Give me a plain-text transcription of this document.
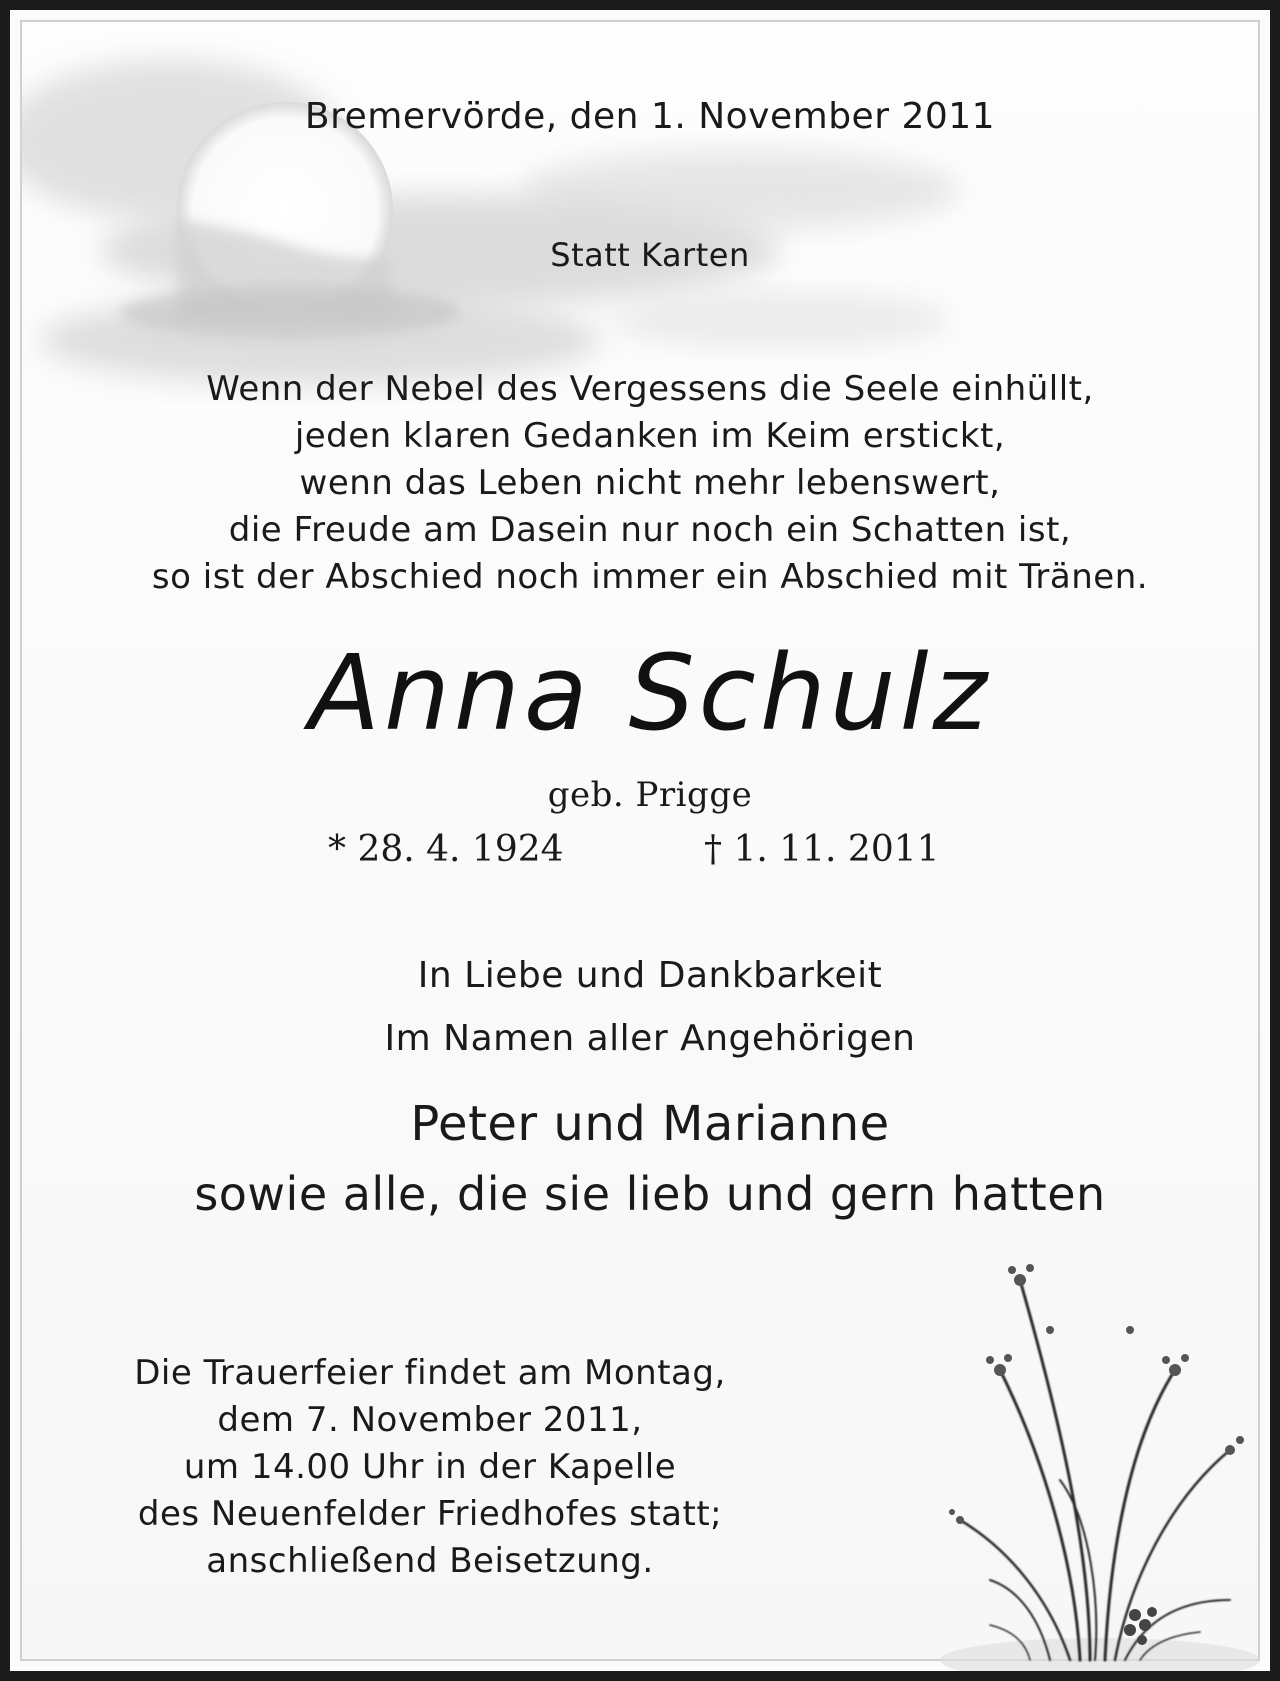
Bremervörde, den 1. November 2011
Statt Karten
Wenn der Nebel des Vergessens die Seele einhüllt,
jeden klaren Gedanken im Keim erstickt,
wenn das Leben nicht mehr lebenswert,
die Freude am Dasein nur noch ein Schatten ist,
so ist der Abschied noch immer ein Abschied mit Tränen.
Anna Schulz
geb. Prigge
* 28. 4. 1924	† 1. 11. 2011
In Liebe und Dankbarkeit
Im Namen aller Angehörigen
Peter und Marianne
sowie alle, die sie lieb und gern hatten
Die Trauerfeier findet am Montag,
dem 7. November 2011,
um 14.00 Uhr in der Kapelle
des Neuenfelder Friedhofes statt;
anschließend Beisetzung.
